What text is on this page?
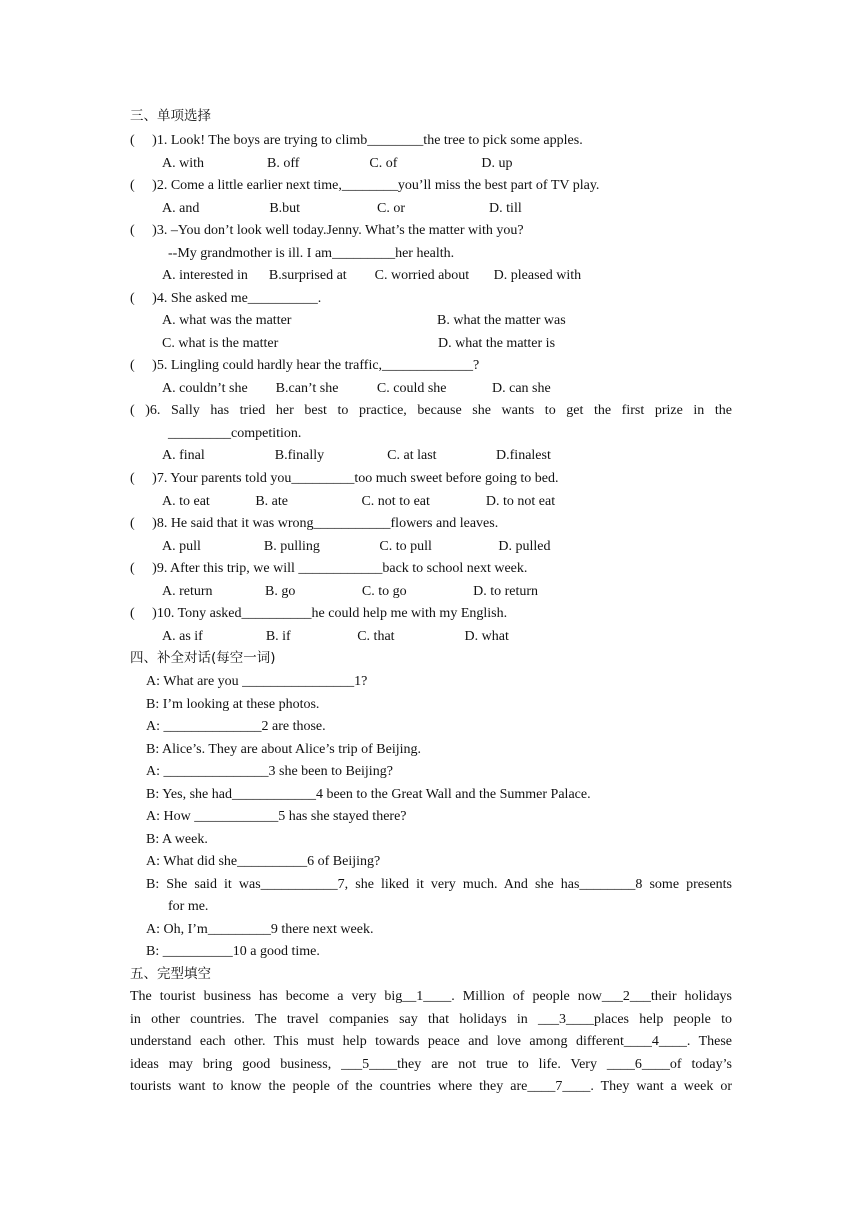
三、单项选择
(     )1. Look! The boys are trying to climb________the tree to pick some apples.
A. with                  B. off                    C. of                        D. up
(     )2. Come a little earlier next time,________you’ll miss the best part of TV play.
A. and                    B.but                      C. or                        D. till
(     )3. –You don’t look well today.Jenny. What’s the matter with you?
--My grandmother is ill. I am_________her health.
A. interested in      B.surprised at        C. worried about       D. pleased with
(     )4. She asked me__________.
A. what was the matter	B. what the matter was
C. what is the matter	D. what the matter is
(     )5. Lingling could hardly hear the traffic,_____________?
A. couldn’t she        B.can’t she           C. could she             D. can she
( )6. Sally has tried her best to practice, because she wants to get the first prize in the
_________competition.
A. final                    B.finally                  C. at last                 D.finalest
(     )7. Your parents told you_________too much sweet before going to bed.
A. to eat             B. ate                     C. not to eat                D. to not eat
(     )8. He said that it was wrong___________flowers and leaves.
A. pull                  B. pulling                 C. to pull                   D. pulled
(     )9. After this trip, we will ____________back to school next week.
A. return               B. go                   C. to go                   D. to return
(     )10. Tony asked__________he could help me with my English.
A. as if                  B. if                   C. that                    D. what
四、补全对话(每空一词)
A: What are you ________________1?
B: I’m looking at these photos.
A: ______________2 are those.
B: Alice’s. They are about Alice’s trip of Beijing.
A: _______________3 she been to Beijing?
B: Yes, she had____________4 been to the Great Wall and the Summer Palace.
A: How ____________5 has she stayed there?
B: A week.
A: What did she__________6 of Beijing?
B: She said it was___________7, she liked it very much. And she has________8 some presents
for me.
A: Oh, I’m_________9 there next week.
B: __________10 a good time.
五、完型填空
The tourist business has become a very big__1____. Million of people now___2___their holidays
in other countries. The travel companies say that holidays in ___3____places help people to
understand each other. This must help towards peace and love among different____4____. These
ideas may bring good business, ___5____they are not true to life. Very ____6____of today’s
tourists want to know the people of the countries where they are____7____. They want a week or
